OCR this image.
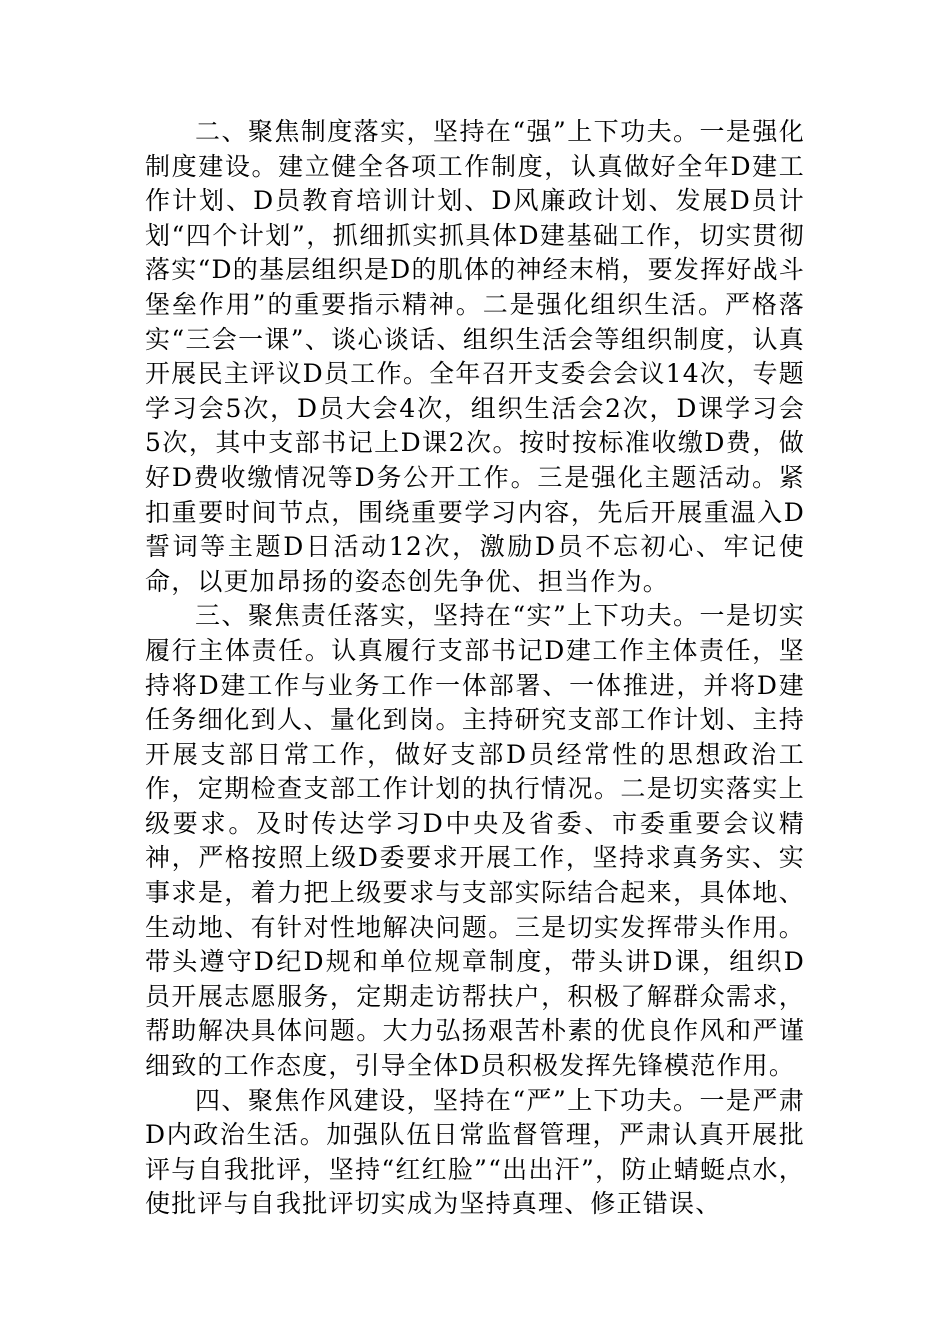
二、聚焦制度落实，坚持在“强”上下功夫。一是强化制度建设。建立健全各项工作制度，认真做好全年D建工作计划、D员教育培训计划、D风廉政计划、发展D员计划“四个计划”，抓细抓实抓具体D建基础工作，切实贯彻落实“D的基层组织是D的肌体的神经末梢，要发挥好战斗堡垒作用”的重要指示精神。二是强化组织生活。严格落实“三会一课”、谈心谈话、组织生活会等组织制度，认真开展民主评议D员工作。全年召开支委会会议14次，专题学习会5次，D员大会4次，组织生活会2次，D课学习会5次，其中支部书记上D课2次。按时按标准收缴D费，做好D费收缴情况等D务公开工作。三是强化主题活动。紧扣重要时间节点，围绕重要学习内容，先后开展重温入D誓词等主题D日活动12次，激励D员不忘初心、牢记使命，以更加昂扬的姿态创先争优、担当作为。

三、聚焦责任落实，坚持在“实”上下功夫。一是切实履行主体责任。认真履行支部书记D建工作主体责任，坚持将D建工作与业务工作一体部署、一体推进，并将D建任务细化到人、量化到岗。主持研究支部工作计划、主持开展支部日常工作，做好支部D员经常性的思想政治工作，定期检查支部工作计划的执行情况。二是切实落实上级要求。及时传达学习D中央及省委、市委重要会议精神，严格按照上级D委要求开展工作，坚持求真务实、实事求是，着力把上级要求与支部实际结合起来，具体地、生动地、有针对性地解决问题。三是切实发挥带头作用。带头遵守D纪D规和单位规章制度，带头讲D课，组织D员开展志愿服务，定期走访帮扶户，积极了解群众需求，帮助解决具体问题。大力弘扬艰苦朴素的优良作风和严谨细致的工作态度，引导全体D员积极发挥先锋模范作用。

四、聚焦作风建设，坚持在“严”上下功夫。一是严肃D内政治生活。加强队伍日常监督管理，严肃认真开展批评与自我批评，坚持“红红脸”“出出汗”，防止蜻蜓点水，使批评与自我批评切实成为坚持真理、修正错误、
